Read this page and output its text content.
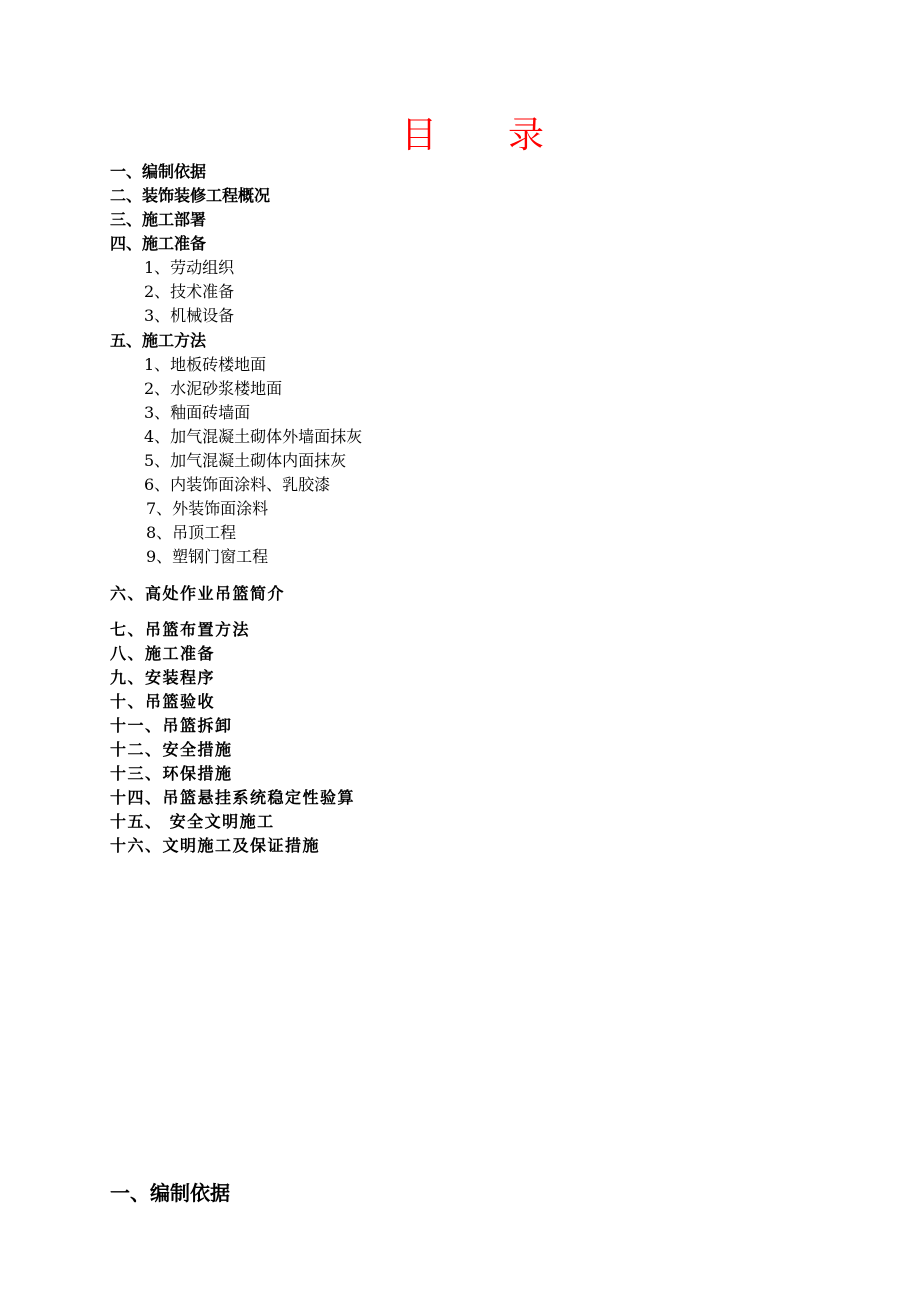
目 录
一、编制依据
二、装饰装修工程概况
三、施工部署
四、施工准备
1、劳动组织
2、技术准备
3、机械设备
五、施工方法
1、地板砖楼地面
2、水泥砂浆楼地面
3、釉面砖墙面
4、加气混凝土砌体外墙面抹灰
5、加气混凝土砌体内面抹灰
6、内装饰面涂料、乳胶漆
7、外装饰面涂料
8、吊顶工程
9、塑钢门窗工程
六、高处作业吊篮简介
七、吊篮布置方法
八、施工准备
九、安装程序
十、吊篮验收
十一、吊篮拆卸
十二、安全措施
十三、环保措施
十四、吊篮悬挂系统稳定性验算
十五、 安全文明施工
十六、文明施工及保证措施
一、编制依据
